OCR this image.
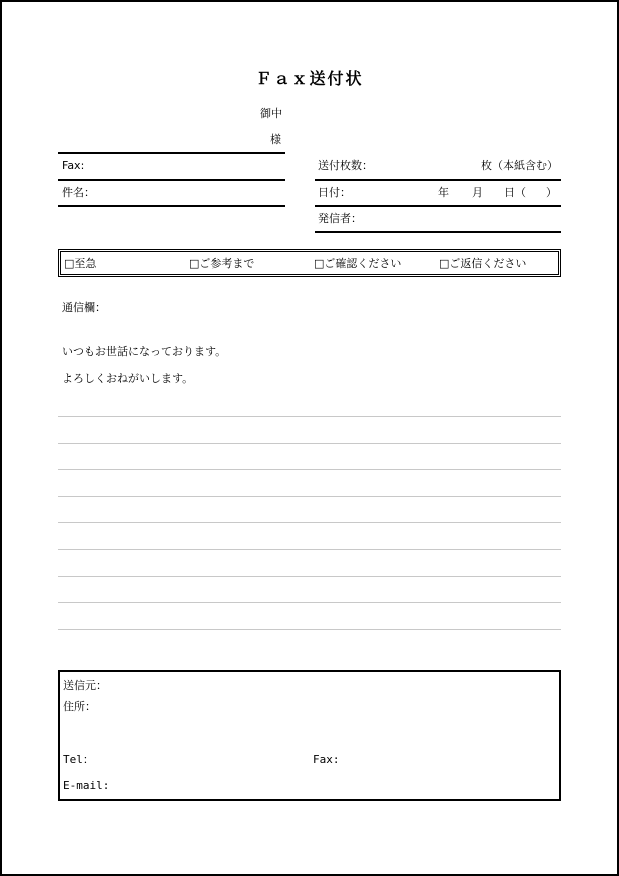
Ｆａｘ送付状
御中
様
Fax:
件名：
送付枚数：	枚（本紙含む）
日付：	年 月 日（ ）
発信者：
□至急	□ご参考まで	□ご確認ください	□ご返信ください
通信欄：
いつもお世話になっております。
よろしくおねがいします。
送信元：
住所：
Tel：	Fax:
E-mail:
